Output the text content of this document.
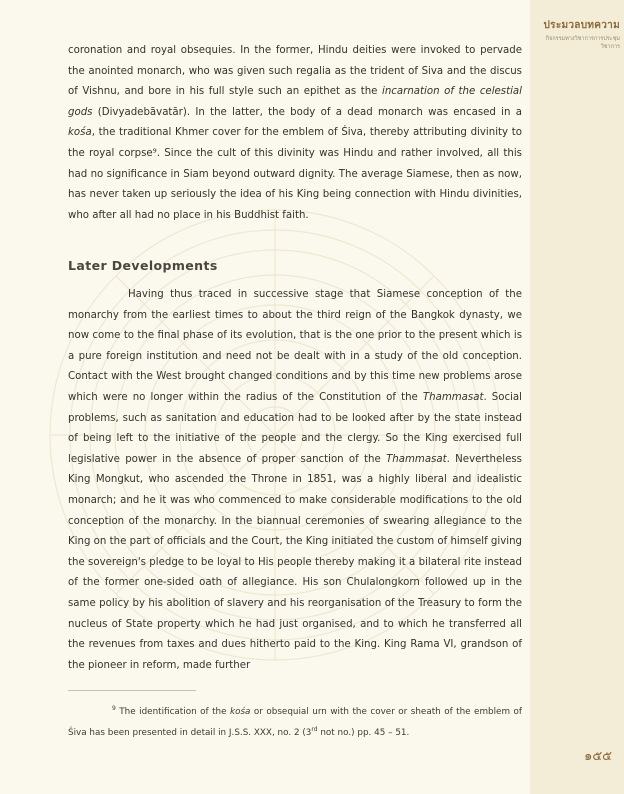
ประมวลบทความ
กิจกรรมทางวิชาการการประชุมวิชาการ

coronation and royal obsequies. In the former, Hindu deities were invoked to pervade the anointed monarch, who was given such regalia as the trident of Siva and the discus of Vishnu, and bore in his full style such an epithet as the incarnation of the celestial gods (Divyadebāvatār). In the latter, the body of a dead monarch was encased in a kośa, the traditional Khmer cover for the emblem of Śiva, thereby attributing divinity to the royal corpse⁹. Since the cult of this divinity was Hindu and rather involved, all this had no significance in Siam beyond outward dignity. The average Siamese, then as now, has never taken up seriously the idea of his King being connection with Hindu divinities, who after all had no place in his Buddhist faith.

Later Developments

Having thus traced in successive stage that Siamese conception of the monarchy from the earliest times to about the third reign of the Bangkok dynasty, we now come to the final phase of its evolution, that is the one prior to the present which is a pure foreign institution and need not be dealt with in a study of the old conception. Contact with the West brought changed conditions and by this time new problems arose which were no longer within the radius of the Constitution of the Thammasat. Social problems, such as sanitation and education had to be looked after by the state instead of being left to the initiative of the people and the clergy. So the King exercised full legislative power in the absence of proper sanction of the Thammasat. Nevertheless King Mongkut, who ascended the Throne in 1851, was a highly liberal and idealistic monarch; and he it was who commenced to make considerable modifications to the old conception of the monarchy. In the biannual ceremonies of swearing allegiance to the King on the part of officials and the Court, the King initiated the custom of himself giving the sovereign's pledge to be loyal to His people thereby making it a bilateral rite instead of the former one-sided oath of allegiance. His son Chulalongkorn followed up in the same policy by his abolition of slavery and his reorganisation of the Treasury to form the nucleus of State property which he had just organised, and to which he transferred all the revenues from taxes and dues hitherto paid to the King. King Rama VI, grandson of the pioneer in reform, made further

$^9$ The identification of the kośa or obsequial urn with the cover or sheath of the emblem of Śiva has been presented in detail in J.S.S. XXX, no. 2 (3rd not no.) pp. 45 – 51.
๑๕๕
